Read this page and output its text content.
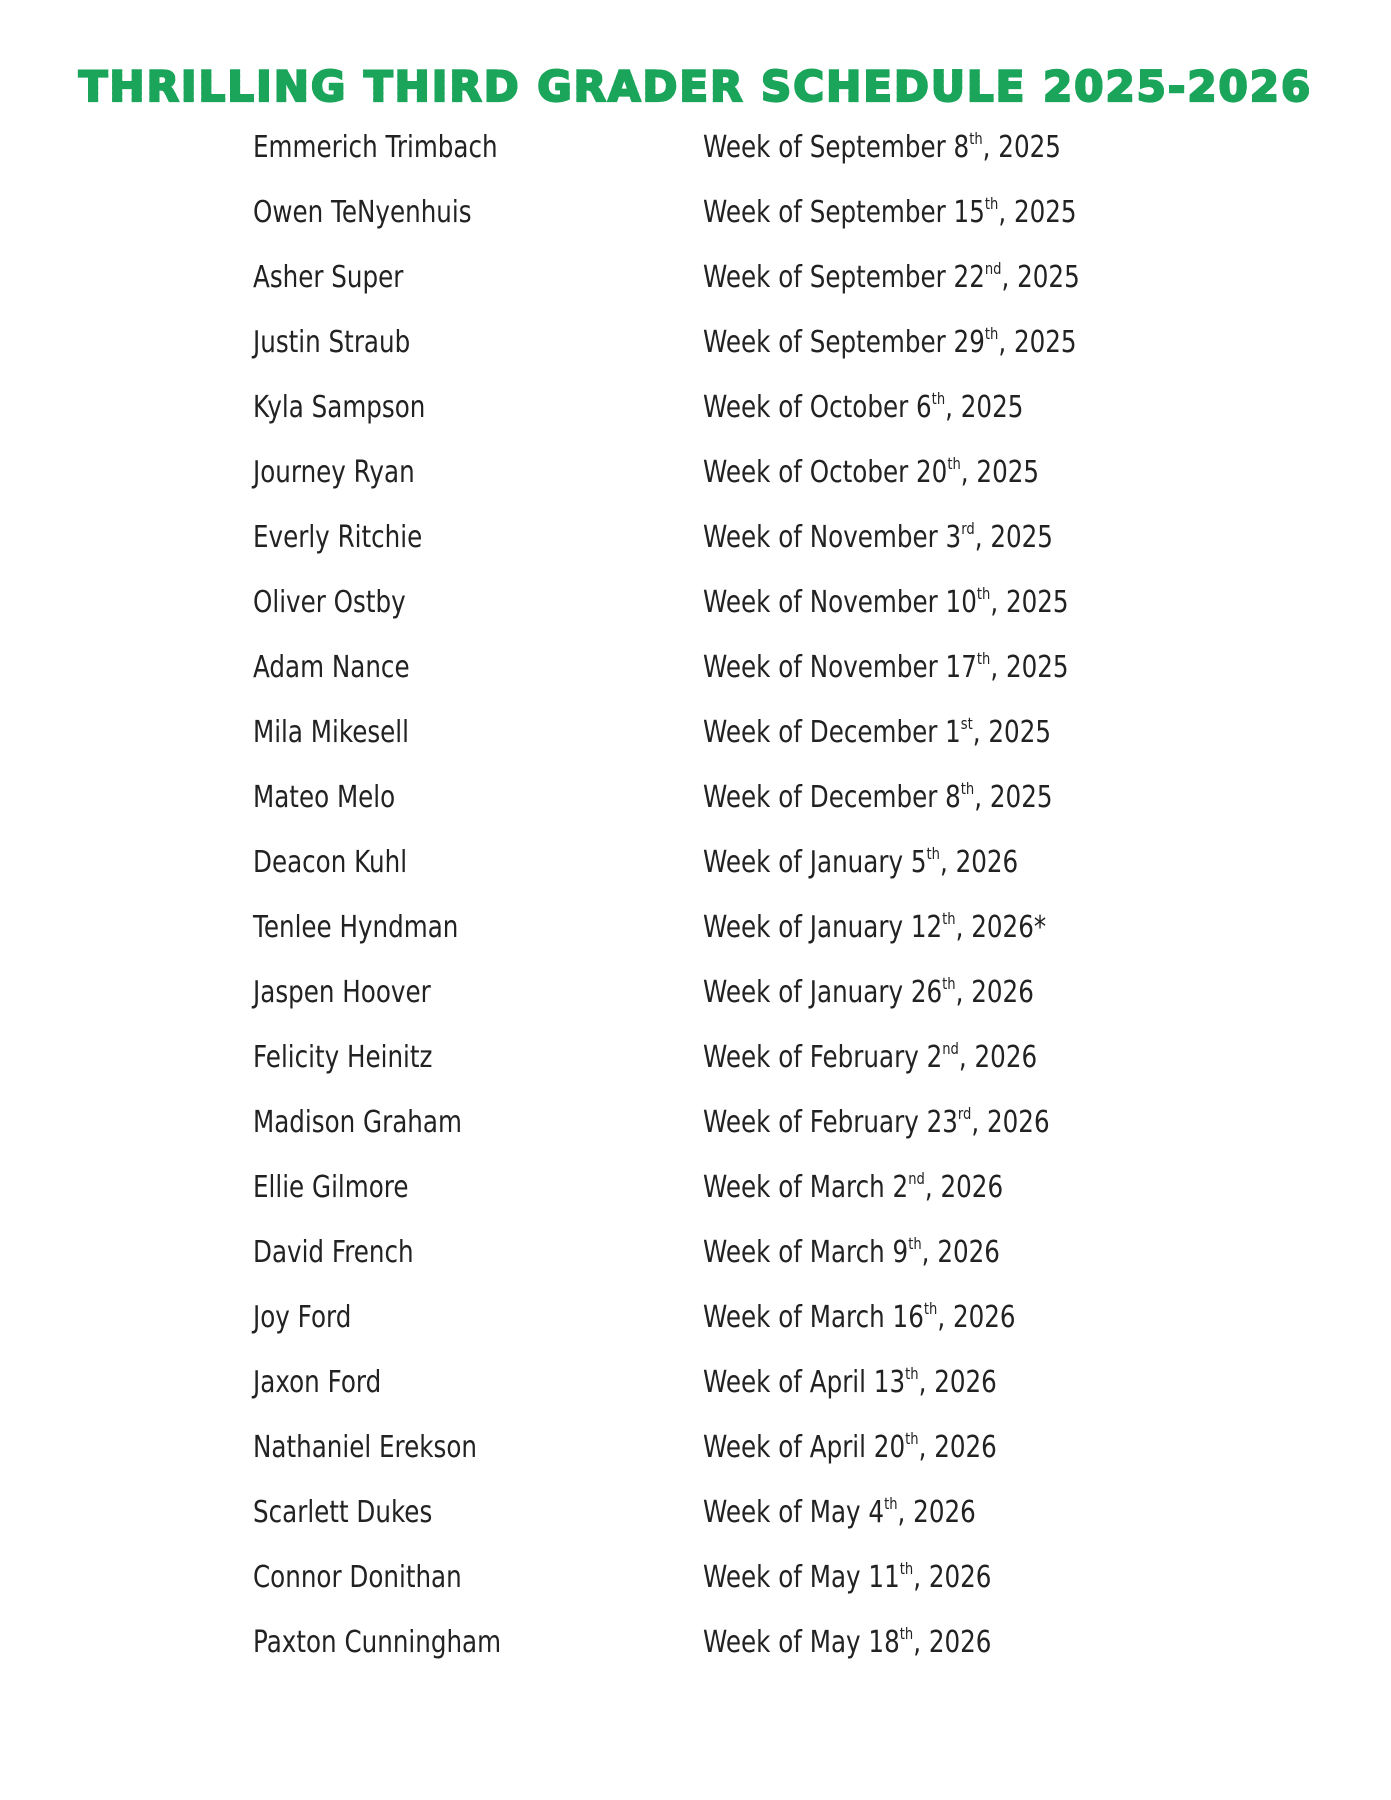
THRILLING THIRD GRADER SCHEDULE 2025-2026
Emmerich Trimbach	Week of September 8th, 2025
Owen TeNyenhuis	Week of September 15th, 2025
Asher Super	Week of September 22nd, 2025
Justin Straub	Week of September 29th, 2025
Kyla Sampson	Week of October 6th, 2025
Journey Ryan	Week of October 20th, 2025
Everly Ritchie	Week of November 3rd, 2025
Oliver Ostby	Week of November 10th, 2025
Adam Nance	Week of November 17th, 2025
Mila Mikesell	Week of December 1st, 2025
Mateo Melo	Week of December 8th, 2025
Deacon Kuhl	Week of January 5th, 2026
Tenlee Hyndman	Week of January 12th, 2026*
Jaspen Hoover	Week of January 26th, 2026
Felicity Heinitz	Week of February 2nd, 2026
Madison Graham	Week of February 23rd, 2026
Ellie Gilmore	Week of March 2nd, 2026
David French	Week of March 9th, 2026
Joy Ford	Week of March 16th, 2026
Jaxon Ford	Week of April 13th, 2026
Nathaniel Erekson	Week of April 20th, 2026
Scarlett Dukes	Week of May 4th, 2026
Connor Donithan	Week of May 11th, 2026
Paxton Cunningham	Week of May 18th, 2026
